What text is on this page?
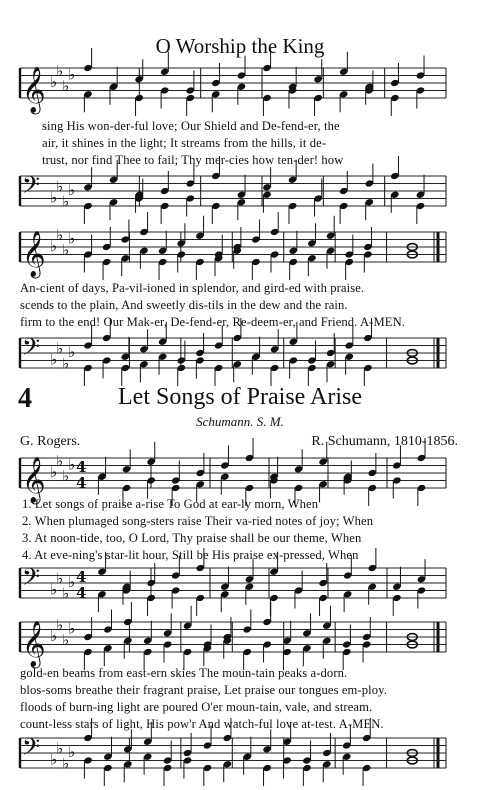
O Worship the King
𝄞 ♭
♭
♭
♭
sing His won-der-ful love; Our Shield and De-fend-er, the
air, it shines in the light; It streams from the hills, it de-
trust, nor find Thee to fail; Thy mer-cies how ten-der! how
𝄢 ♭
♭
♭
♭
𝄞 ♭
♭
♭
♭
An-cient of days, Pa-vil-ioned in splendor, and gird-ed with praise.
scends to the plain, And sweetly dis-tils in the dew and the rain.
firm to the end! Our Mak-er, De-fend-er, Re-deem-er, and Friend. A-MEN.
𝄢 ♭
♭
♭
♭
4	Let Songs of Praise Arise
Schumann. S. M.
G. Rogers.	R. Schumann, 1810-1856.
𝄞 ♭
♭
♭
♭ 4
4
1. Let songs of praise a-rise To God at ear-ly morn, When
2. When plumaged song-sters raise Their va-ried notes of joy; When
3. At noon-tide, too, O Lord, Thy praise shall be our theme, When
4. At eve-ning's star-lit hour, Still be His praise ex-pressed, When
𝄢 ♭
♭
♭
♭ 4
4
𝄞 ♭
♭
♭
♭
gold-en beams from east-ern skies The moun-tain peaks a-dorn.
blos-soms breathe their fragrant praise, Let praise our tongues em-ploy.
floods of burn-ing light are poured O'er moun-tain, vale, and stream.
count-less stars of light, His pow'r And watch-ful love at-test. A-MEN.
𝄢 ♭
♭
♭
♭
